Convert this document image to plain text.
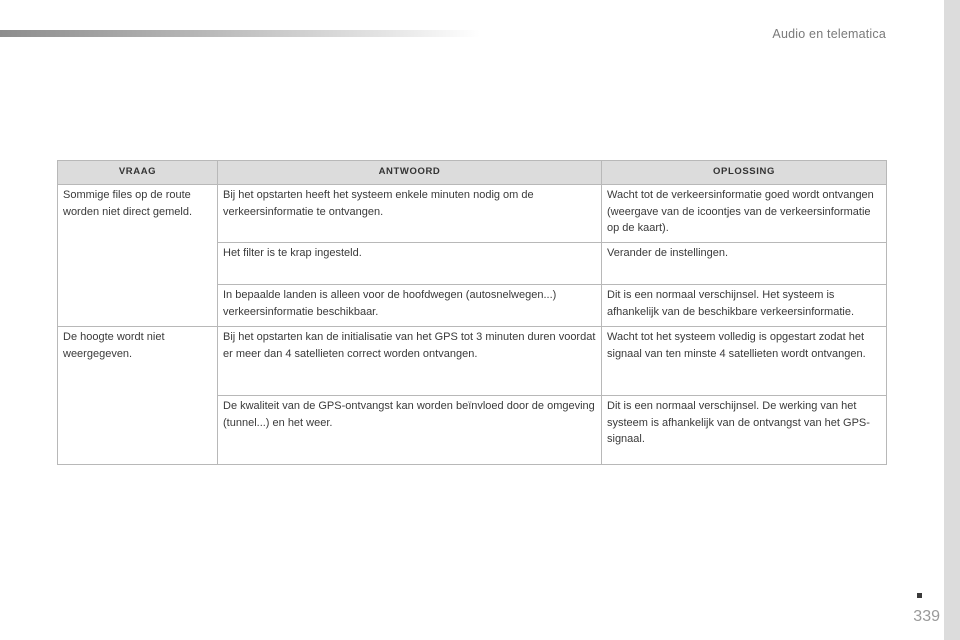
Audio en telematica
VRAAG	ANTWOORD	OPLOSSING
Sommige files op de route worden niet direct gemeld.	Bij het opstarten heeft het systeem enkele minuten nodig om de verkeersinformatie te ontvangen.	Wacht tot de verkeersinformatie goed wordt ontvangen (weergave van de icoontjes van de verkeersinformatie op de kaart).
	Het filter is te krap ingesteld.	Verander de instellingen.
	In bepaalde landen is alleen voor de hoofdwegen (autosnelwegen...) verkeersinformatie beschikbaar.	Dit is een normaal verschijnsel. Het systeem is afhankelijk van de beschikbare verkeersinformatie.
De hoogte wordt niet weergegeven.	Bij het opstarten kan de initialisatie van het GPS tot 3 minuten duren voordat er meer dan 4 satellieten correct worden ontvangen.	Wacht tot het systeem volledig is opgestart zodat het signaal van ten minste 4 satellieten wordt ontvangen.
	De kwaliteit van de GPS-ontvangst kan worden beïnvloed door de omgeving (tunnel...) en het weer.	Dit is een normaal verschijnsel. De werking van het systeem is afhankelijk van de ontvangst van het GPS-signaal.
339
